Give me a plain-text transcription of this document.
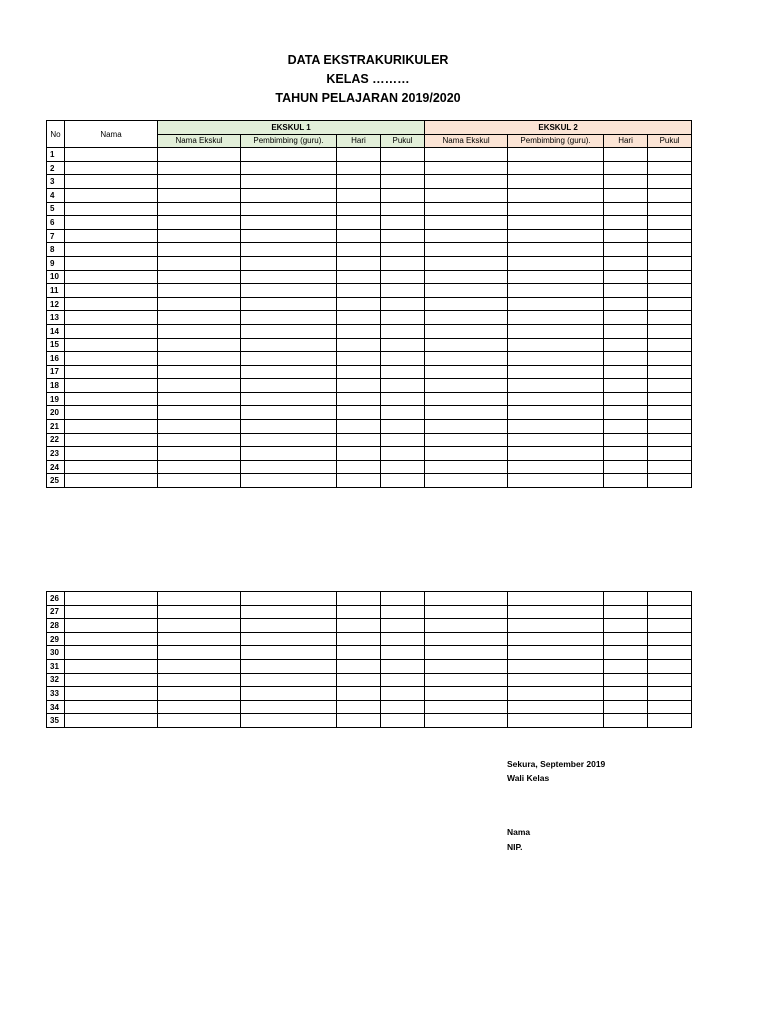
DATA EKSTRAKURIKULER
KELAS ………
TAHUN PELAJARAN 2019/2020
No	Nama	EKSKUL 1				EKSKUL 2			
		Nama Ekskul	Pembimbing (guru).	Hari	Pukul	Nama Ekskul	Pembimbing (guru).	Hari	Pukul
1									
2									
3									
4									
5									
6									
7									
8									
9									
10									
11									
12									
13									
14									
15									
16									
17									
18									
19									
20									
21									
22									
23									
24									
25									
26									
27									
28									
29									
30									
31									
32									
33									
34									
35									
Sekura, September 2019
Wali Kelas
Nama
NIP.
